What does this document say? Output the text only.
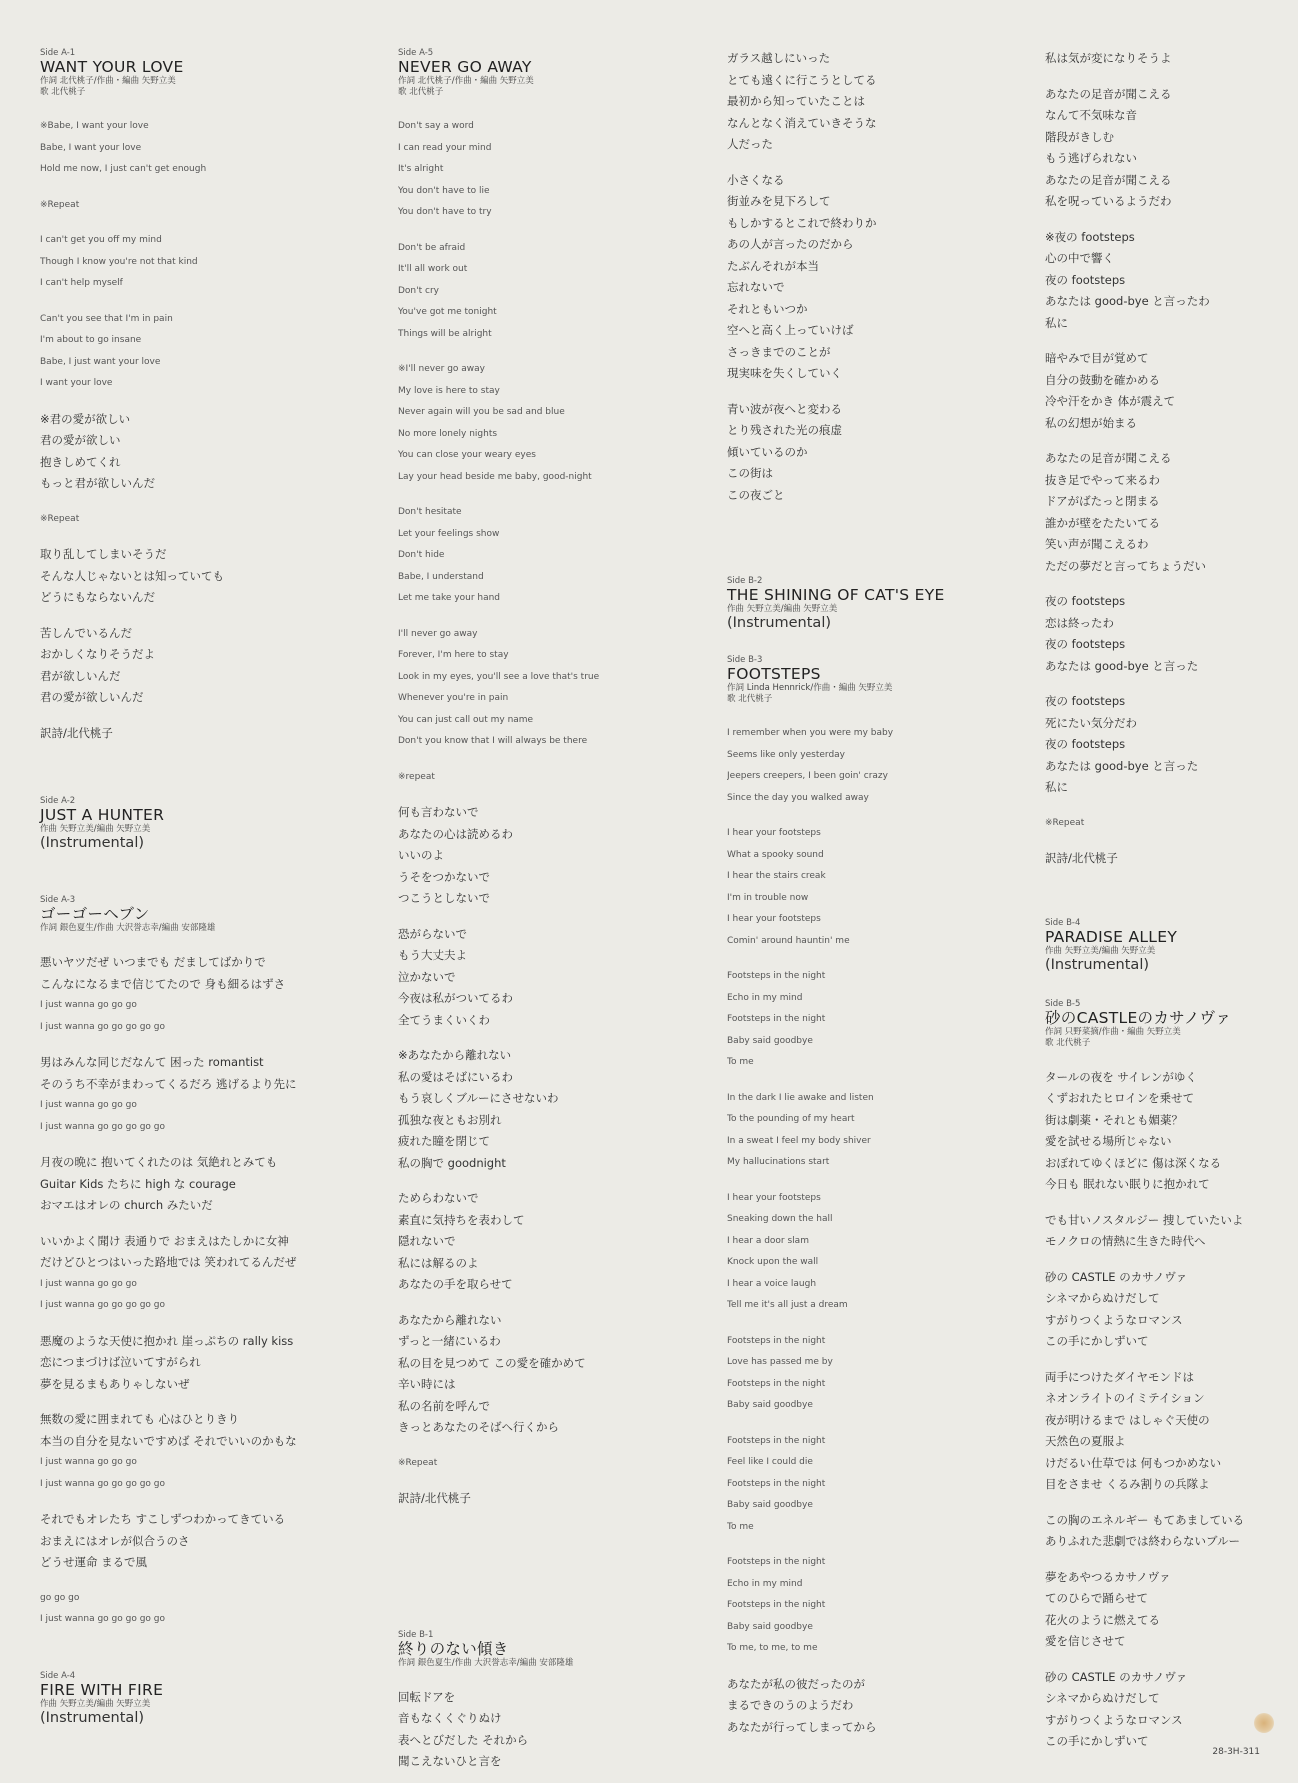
Side A-1
WANT YOUR LOVE
作詞 北代桃子/作曲・編曲 矢野立美
歌 北代桃子
※Babe, I want your love
Babe, I want your love
Hold me now, I just can't get enough
※Repeat
I can't get you off my mind
Though I know you're not that kind
I can't help myself
Can't you see that I'm in pain
I'm about to go insane
Babe, I just want your love
I want your love
※君の愛が欲しい
君の愛が欲しい
抱きしめてくれ
もっと君が欲しいんだ
※Repeat
取り乱してしまいそうだ
そんな人じゃないとは知っていても
どうにもならないんだ
苦しんでいるんだ
おかしくなりそうだよ
君が欲しいんだ
君の愛が欲しいんだ
訳詩/北代桃子
Side A-2
JUST A HUNTER
作曲 矢野立美/編曲 矢野立美
(Instrumental)
Side A-3
ゴーゴーヘブン
作詞 銀色夏生/作曲 大沢誉志幸/編曲 安部隆雄
悪いヤツだぜ いつまでも だましてばかりで
こんなになるまで信じてたので 身も細るはずさ
I just wanna go go go
I just wanna go go go go go
男はみんな同じだなんて 困った romantist
そのうち不幸がまわってくるだろ 逃げるより先に
I just wanna go go go
I just wanna go go go go go
月夜の晩に 抱いてくれたのは 気絶れとみても
Guitar Kids たちに high な courage
おマエはオレの church みたいだ
いいかよく聞け 表通りで おまえはたしかに女神
だけどひとつはいった路地では 笑われてるんだぜ
I just wanna go go go
I just wanna go go go go go
悪魔のような天使に抱かれ 崖っぷちの rally kiss
恋につまづけば泣いてすがられ
夢を見るまもありゃしないぜ
無数の愛に囲まれても 心はひとりきり
本当の自分を見ないですめば それでいいのかもな
I just wanna go go go
I just wanna go go go go go
それでもオレたち すこしずつわかってきている
おまえにはオレが似合うのさ
どうせ運命 まるで風
go go go
I just wanna go go go go go
Side A-4
FIRE WITH FIRE
作曲 矢野立美/編曲 矢野立美
(Instrumental)
Side A-5
NEVER GO AWAY
作詞 北代桃子/作曲・編曲 矢野立美
歌 北代桃子
Don't say a word
I can read your mind
It's alright
You don't have to lie
You don't have to try
Don't be afraid
It'll all work out
Don't cry
You've got me tonight
Things will be alright
※I'll never go away
My love is here to stay
Never again will you be sad and blue
No more lonely nights
You can close your weary eyes
Lay your head beside me baby, good-night
Don't hesitate
Let your feelings show
Don't hide
Babe, I understand
Let me take your hand
I'll never go away
Forever, I'm here to stay
Look in my eyes, you'll see a love that's true
Whenever you're in pain
You can just call out my name
Don't you know that I will always be there
※repeat
何も言わないで
あなたの心は読めるわ
いいのよ
うそをつかないで
つこうとしないで
恐がらないで
もう大丈夫よ
泣かないで
今夜は私がついてるわ
全てうまくいくわ
※あなたから離れない
私の愛はそばにいるわ
もう哀しくブルーにさせないわ
孤独な夜ともお別れ
疲れた瞳を閉じて
私の胸で goodnight
ためらわないで
素直に気持ちを表わして
隠れないで
私には解るのよ
あなたの手を取らせて
あなたから離れない
ずっと一緒にいるわ
私の目を見つめて この愛を確かめて
辛い時には
私の名前を呼んで
きっとあなたのそばへ行くから
※Repeat
訳詩/北代桃子
Side B-1
終りのない傾き
作詞 銀色夏生/作曲 大沢誉志幸/編曲 安部隆雄
回転ドアを
音もなくくぐりぬけ
表へとびだした それから
聞こえないひと言を
ガラス越しにいった
とても遠くに行こうとしてる
最初から知っていたことは
なんとなく消えていきそうな
人だった
小さくなる
街並みを見下ろして
もしかするとこれで終わりか
あの人が言ったのだから
たぶんそれが本当
忘れないで
それともいつか
空へと高く上っていけば
さっきまでのことが
現実味を失くしていく
青い波が夜へと変わる
とり残された光の痕虚
傾いているのか
この街は
この夜ごと
Side B-2
THE SHINING OF CAT'S EYE
作曲 矢野立美/編曲 矢野立美
(Instrumental)
Side B-3
FOOTSTEPS
作詞 Linda Hennrick/作曲・編曲 矢野立美
歌 北代桃子
I remember when you were my baby
Seems like only yesterday
Jeepers creepers, I been goin' crazy
Since the day you walked away
I hear your footsteps
What a spooky sound
I hear the stairs creak
I'm in trouble now
I hear your footsteps
Comin' around hauntin' me
Footsteps in the night
Echo in my mind
Footsteps in the night
Baby said goodbye
To me
In the dark I lie awake and listen
To the pounding of my heart
In a sweat I feel my body shiver
My hallucinations start
I hear your footsteps
Sneaking down the hall
I hear a door slam
Knock upon the wall
I hear a voice laugh
Tell me it's all just a dream
Footsteps in the night
Love has passed me by
Footsteps in the night
Baby said goodbye
Footsteps in the night
Feel like I could die
Footsteps in the night
Baby said goodbye
To me
Footsteps in the night
Echo in my mind
Footsteps in the night
Baby said goodbye
To me, to me, to me
あなたが私の彼だったのが
まるできのうのようだわ
あなたが行ってしまってから
私は気が変になりそうよ
あなたの足音が聞こえる
なんて不気味な音
階段がきしむ
もう逃げられない
あなたの足音が聞こえる
私を呪っているようだわ
※夜の footsteps
心の中で響く
夜の footsteps
あなたは good-bye と言ったわ
私に
暗やみで目が覚めて
自分の鼓動を確かめる
冷や汗をかき 体が震えて
私の幻想が始まる
あなたの足音が聞こえる
抜き足でやって来るわ
ドアがばたっと閉まる
誰かが壁をたたいてる
笑い声が聞こえるわ
ただの夢だと言ってちょうだい
夜の footsteps
恋は終ったわ
夜の footsteps
あなたは good-bye と言った
夜の footsteps
死にたい気分だわ
夜の footsteps
あなたは good-bye と言った
私に
※Repeat
訳詩/北代桃子
Side B-4
PARADISE ALLEY
作曲 矢野立美/編曲 矢野立美
(Instrumental)
Side B-5
砂のCASTLEのカサノヴァ
作詞 只野菜摘/作曲・編曲 矢野立美
歌 北代桃子
タールの夜を サイレンがゆく
くずおれたヒロインを乗せて
街は劇薬・それとも媚薬？
愛を試せる場所じゃない
おぼれてゆくほどに 傷は深くなる
今日も 眠れない眠りに抱かれて
でも甘いノスタルジー 捜していたいよ
モノクロの情熱に生きた時代へ
砂の CASTLE のカサノヴァ
シネマからぬけだして
すがりつくようなロマンス
この手にかしずいて
両手につけたダイヤモンドは
ネオンライトのイミテイション
夜が明けるまで はしゃぐ天使の
天然色の夏服よ
けだるい仕草では 何もつかめない
目をさませ くるみ割りの兵隊よ
この胸のエネルギー もてあましている
ありふれた悲劇では終わらないブルー
夢をあやつるカサノヴァ
てのひらで踊らせて
花火のように燃えてる
愛を信じさせて
砂の CASTLE のカサノヴァ
シネマからぬけだして
すがりつくようなロマンス
この手にかしずいて
28-3H-311
